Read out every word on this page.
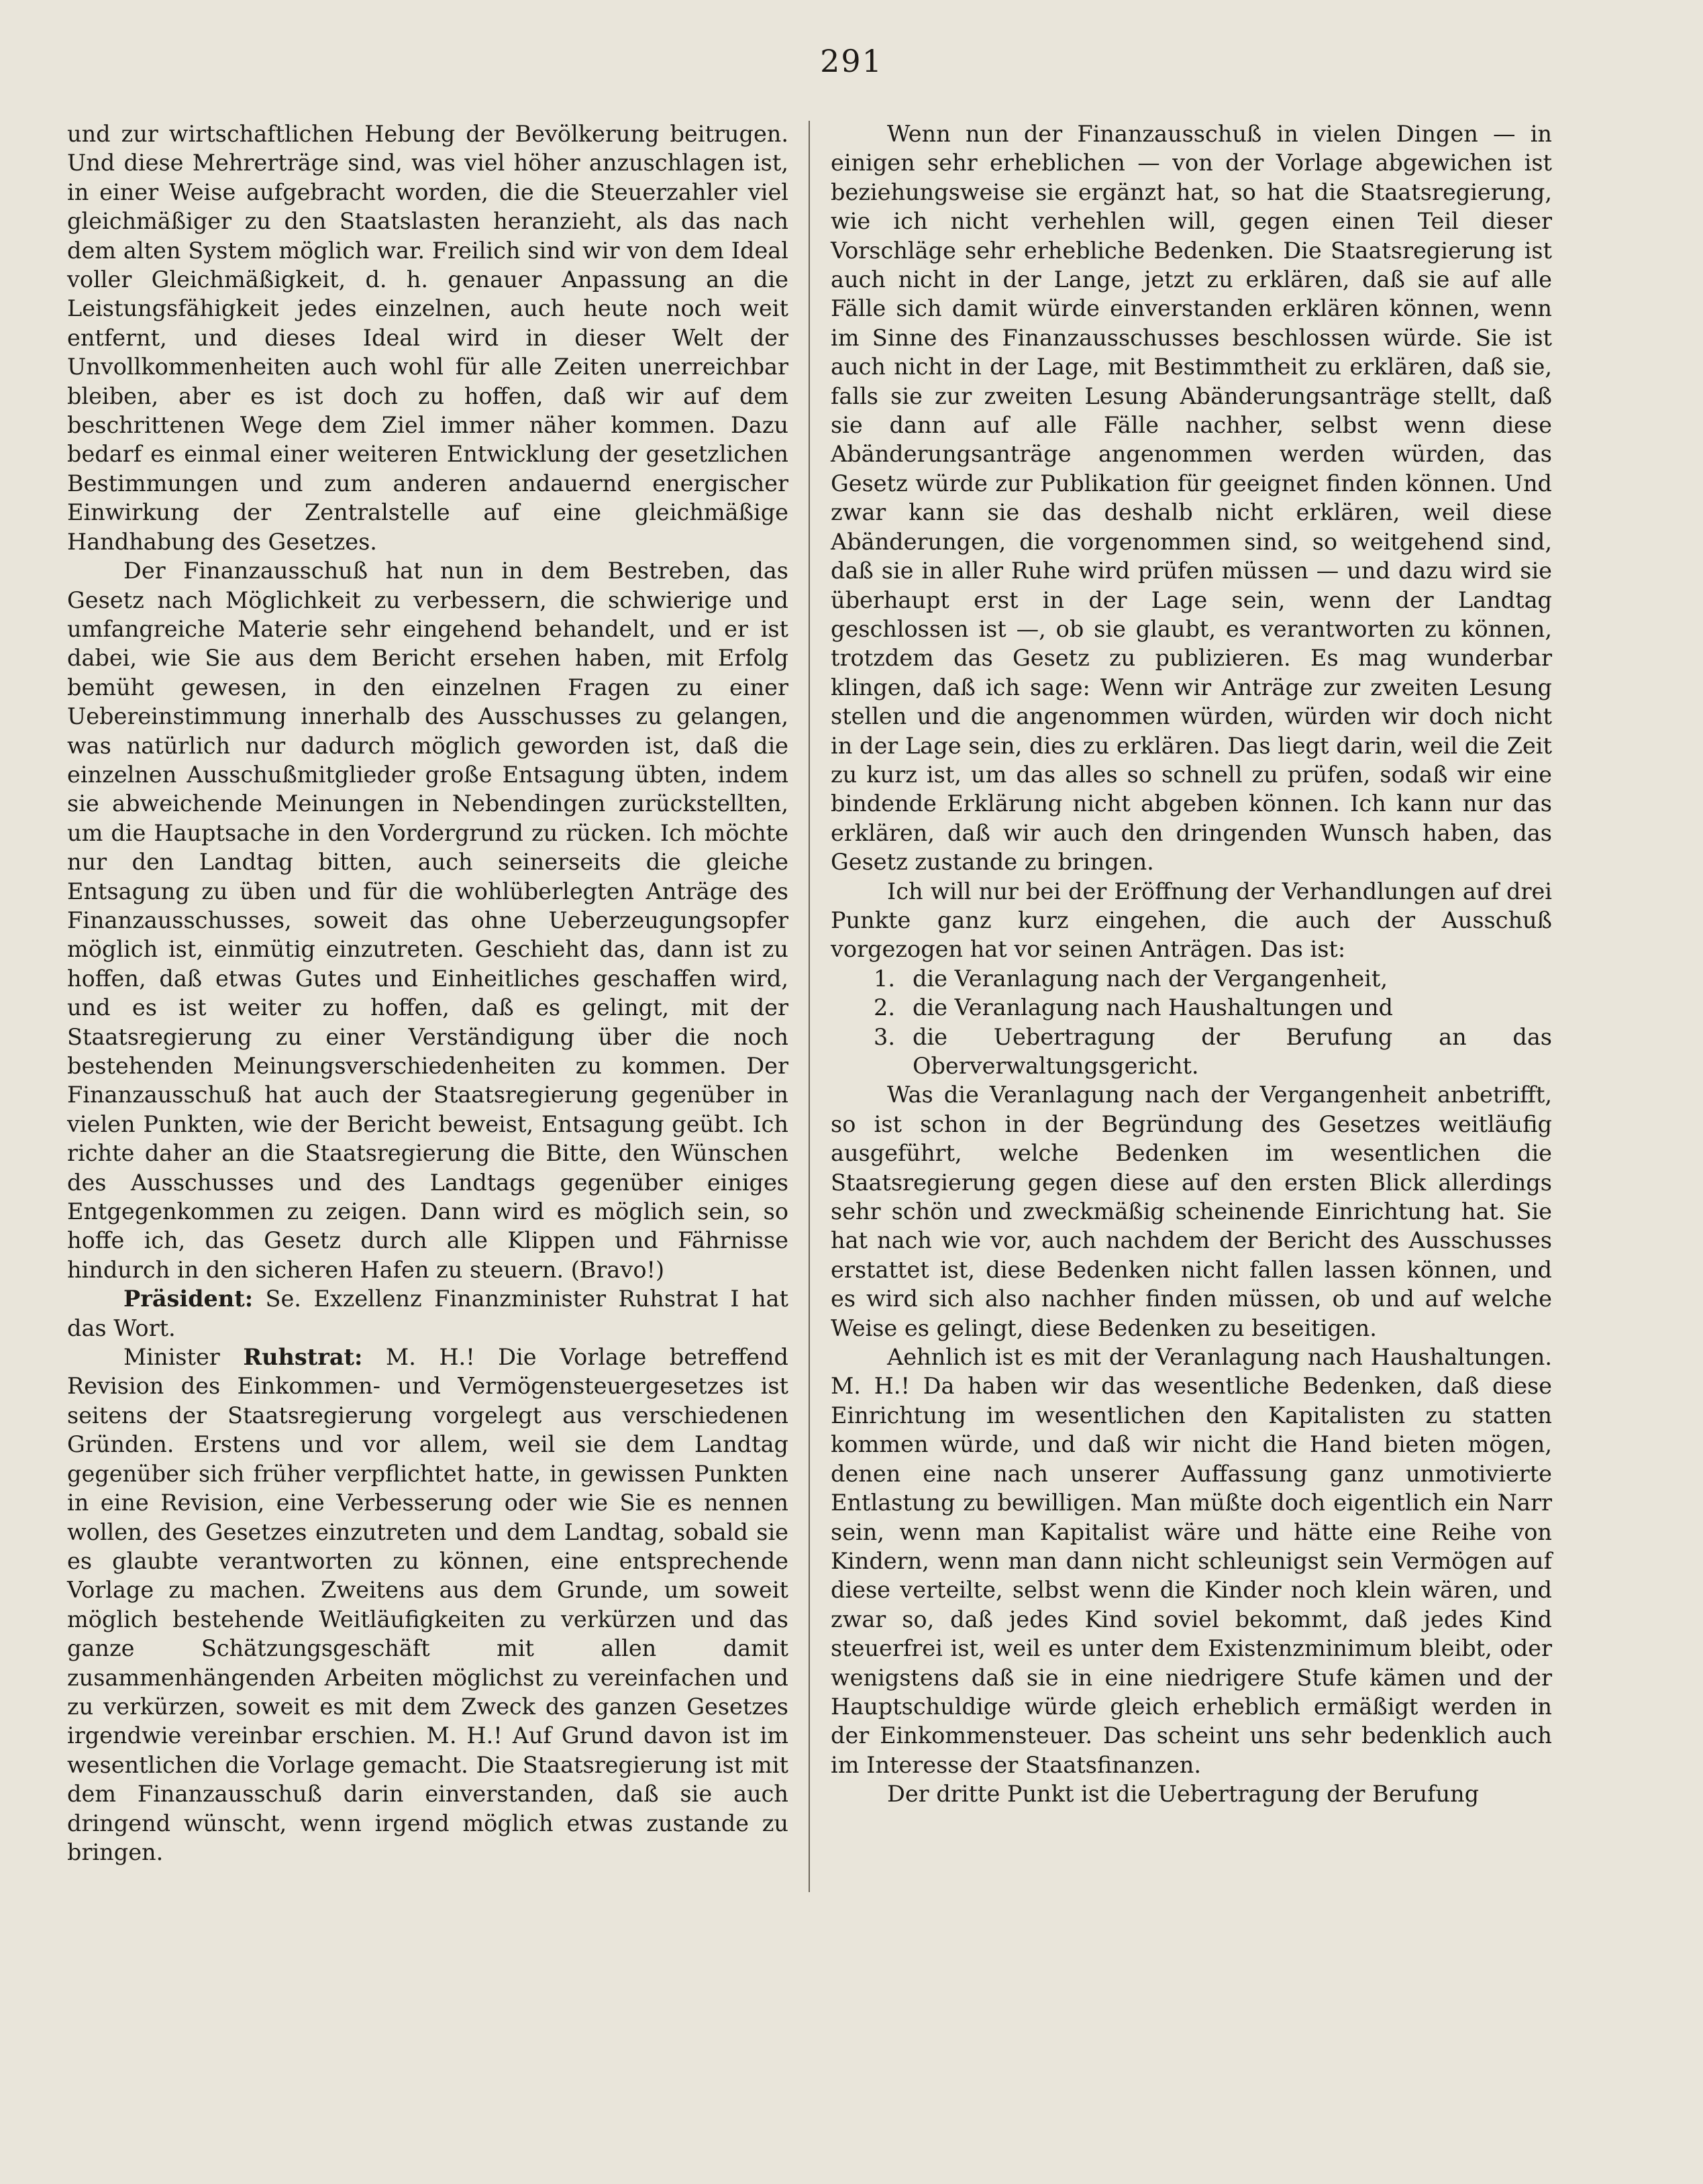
291

und zur wirtschaftlichen Hebung der Bevölkerung beitrugen. Und diese Mehrerträge sind, was viel höher anzuschlagen ist, in einer Weise aufgebracht worden, die die Steuerzahler viel gleichmäßiger zu den Staatslasten heranzieht, als das nach dem alten System möglich war. Freilich sind wir von dem Ideal voller Gleichmäßigkeit, d. h. genauer Anpassung an die Leistungsfähigkeit jedes einzelnen, auch heute noch weit entfernt, und dieses Ideal wird in dieser Welt der Unvollkommenheiten auch wohl für alle Zeiten unerreichbar bleiben, aber es ist doch zu hoffen, daß wir auf dem beschrittenen Wege dem Ziel immer näher kommen. Dazu bedarf es einmal einer weiteren Entwicklung der gesetzlichen Bestimmungen und zum anderen andauernd energischer Einwirkung der Zentralstelle auf eine gleichmäßige Handhabung des Gesetzes.

Der Finanzausschuß hat nun in dem Bestreben, das Gesetz nach Möglichkeit zu verbessern, die schwierige und umfangreiche Materie sehr eingehend behandelt, und er ist dabei, wie Sie aus dem Bericht ersehen haben, mit Erfolg bemüht gewesen, in den einzelnen Fragen zu einer Uebereinstimmung innerhalb des Ausschusses zu gelangen, was natürlich nur dadurch möglich geworden ist, daß die einzelnen Ausschußmitglieder große Entsagung übten, indem sie abweichende Meinungen in Nebendingen zurückstellten, um die Hauptsache in den Vordergrund zu rücken. Ich möchte nur den Landtag bitten, auch seinerseits die gleiche Entsagung zu üben und für die wohlüberlegten Anträge des Finanzausschusses, soweit das ohne Ueberzeugungsopfer möglich ist, einmütig einzutreten. Geschieht das, dann ist zu hoffen, daß etwas Gutes und Einheitliches geschaffen wird, und es ist weiter zu hoffen, daß es gelingt, mit der Staatsregierung zu einer Verständigung über die noch bestehenden Meinungsverschiedenheiten zu kommen. Der Finanzausschuß hat auch der Staatsregierung gegenüber in vielen Punkten, wie der Bericht beweist, Entsagung geübt. Ich richte daher an die Staatsregierung die Bitte, den Wünschen des Ausschusses und des Landtags gegenüber einiges Entgegenkommen zu zeigen. Dann wird es möglich sein, so hoffe ich, das Gesetz durch alle Klippen und Fährnisse hindurch in den sicheren Hafen zu steuern. (Bravo!)

Präsident: Se. Exzellenz Finanzminister Ruhstrat I hat das Wort.

Minister Ruhstrat: M. H.! Die Vorlage betreffend Revision des Einkommen- und Vermögensteuergesetzes ist seitens der Staatsregierung vorgelegt aus verschiedenen Gründen. Erstens und vor allem, weil sie dem Landtag gegenüber sich früher verpflichtet hatte, in gewissen Punkten in eine Revision, eine Verbesserung oder wie Sie es nennen wollen, des Gesetzes einzutreten und dem Landtag, sobald sie es glaubte verantworten zu können, eine entsprechende Vorlage zu machen. Zweitens aus dem Grunde, um soweit möglich bestehende Weitläufigkeiten zu verkürzen und das ganze Schätzungsgeschäft mit allen damit zusammenhängenden Arbeiten möglichst zu vereinfachen und zu verkürzen, soweit es mit dem Zweck des ganzen Gesetzes irgendwie vereinbar erschien. M. H.! Auf Grund davon ist im wesentlichen die Vorlage gemacht. Die Staatsregierung ist mit dem Finanzausschuß darin einverstanden, daß sie auch dringend wünscht, wenn irgend möglich etwas zustande zu bringen.

Wenn nun der Finanzausschuß in vielen Dingen — in einigen sehr erheblichen — von der Vorlage abgewichen ist beziehungsweise sie ergänzt hat, so hat die Staatsregierung, wie ich nicht verhehlen will, gegen einen Teil dieser Vorschläge sehr erhebliche Bedenken. Die Staatsregierung ist auch nicht in der Lange, jetzt zu erklären, daß sie auf alle Fälle sich damit würde einverstanden erklären können, wenn im Sinne des Finanzausschusses beschlossen würde. Sie ist auch nicht in der Lage, mit Bestimmtheit zu erklären, daß sie, falls sie zur zweiten Lesung Abänderungsanträge stellt, daß sie dann auf alle Fälle nachher, selbst wenn diese Abänderungsanträge angenommen werden würden, das Gesetz würde zur Publikation für geeignet finden können. Und zwar kann sie das deshalb nicht erklären, weil diese Abänderungen, die vorgenommen sind, so weitgehend sind, daß sie in aller Ruhe wird prüfen müssen — und dazu wird sie überhaupt erst in der Lage sein, wenn der Landtag geschlossen ist —, ob sie glaubt, es verantworten zu können, trotzdem das Gesetz zu publizieren. Es mag wunderbar klingen, daß ich sage: Wenn wir Anträge zur zweiten Lesung stellen und die angenommen würden, würden wir doch nicht in der Lage sein, dies zu erklären. Das liegt darin, weil die Zeit zu kurz ist, um das alles so schnell zu prüfen, sodaß wir eine bindende Erklärung nicht abgeben können. Ich kann nur das erklären, daß wir auch den dringenden Wunsch haben, das Gesetz zustande zu bringen.

Ich will nur bei der Eröffnung der Verhandlungen auf drei Punkte ganz kurz eingehen, die auch der Ausschuß vorgezogen hat vor seinen Anträgen. Das ist:

1. die Veranlagung nach der Vergangenheit,
2. die Veranlagung nach Haushaltungen und
3. die Uebertragung der Berufung an das Oberverwaltungsgericht.

Was die Veranlagung nach der Vergangenheit anbetrifft, so ist schon in der Begründung des Gesetzes weitläufig ausgeführt, welche Bedenken im wesentlichen die Staatsregierung gegen diese auf den ersten Blick allerdings sehr schön und zweckmäßig scheinende Einrichtung hat. Sie hat nach wie vor, auch nachdem der Bericht des Ausschusses erstattet ist, diese Bedenken nicht fallen lassen können, und es wird sich also nachher finden müssen, ob und auf welche Weise es gelingt, diese Bedenken zu beseitigen.

Aehnlich ist es mit der Veranlagung nach Haushaltungen. M. H.! Da haben wir das wesentliche Bedenken, daß diese Einrichtung im wesentlichen den Kapitalisten zu statten kommen würde, und daß wir nicht die Hand bieten mögen, denen eine nach unserer Auffassung ganz unmotivierte Entlastung zu bewilligen. Man müßte doch eigentlich ein Narr sein, wenn man Kapitalist wäre und hätte eine Reihe von Kindern, wenn man dann nicht schleunigst sein Vermögen auf diese verteilte, selbst wenn die Kinder noch klein wären, und zwar so, daß jedes Kind soviel bekommt, daß jedes Kind steuerfrei ist, weil es unter dem Existenzminimum bleibt, oder wenigstens daß sie in eine niedrigere Stufe kämen und der Hauptschuldige würde gleich erheblich ermäßigt werden in der Einkommensteuer. Das scheint uns sehr bedenklich auch im Interesse der Staatsfinanzen.

Der dritte Punkt ist die Uebertragung der Berufung
